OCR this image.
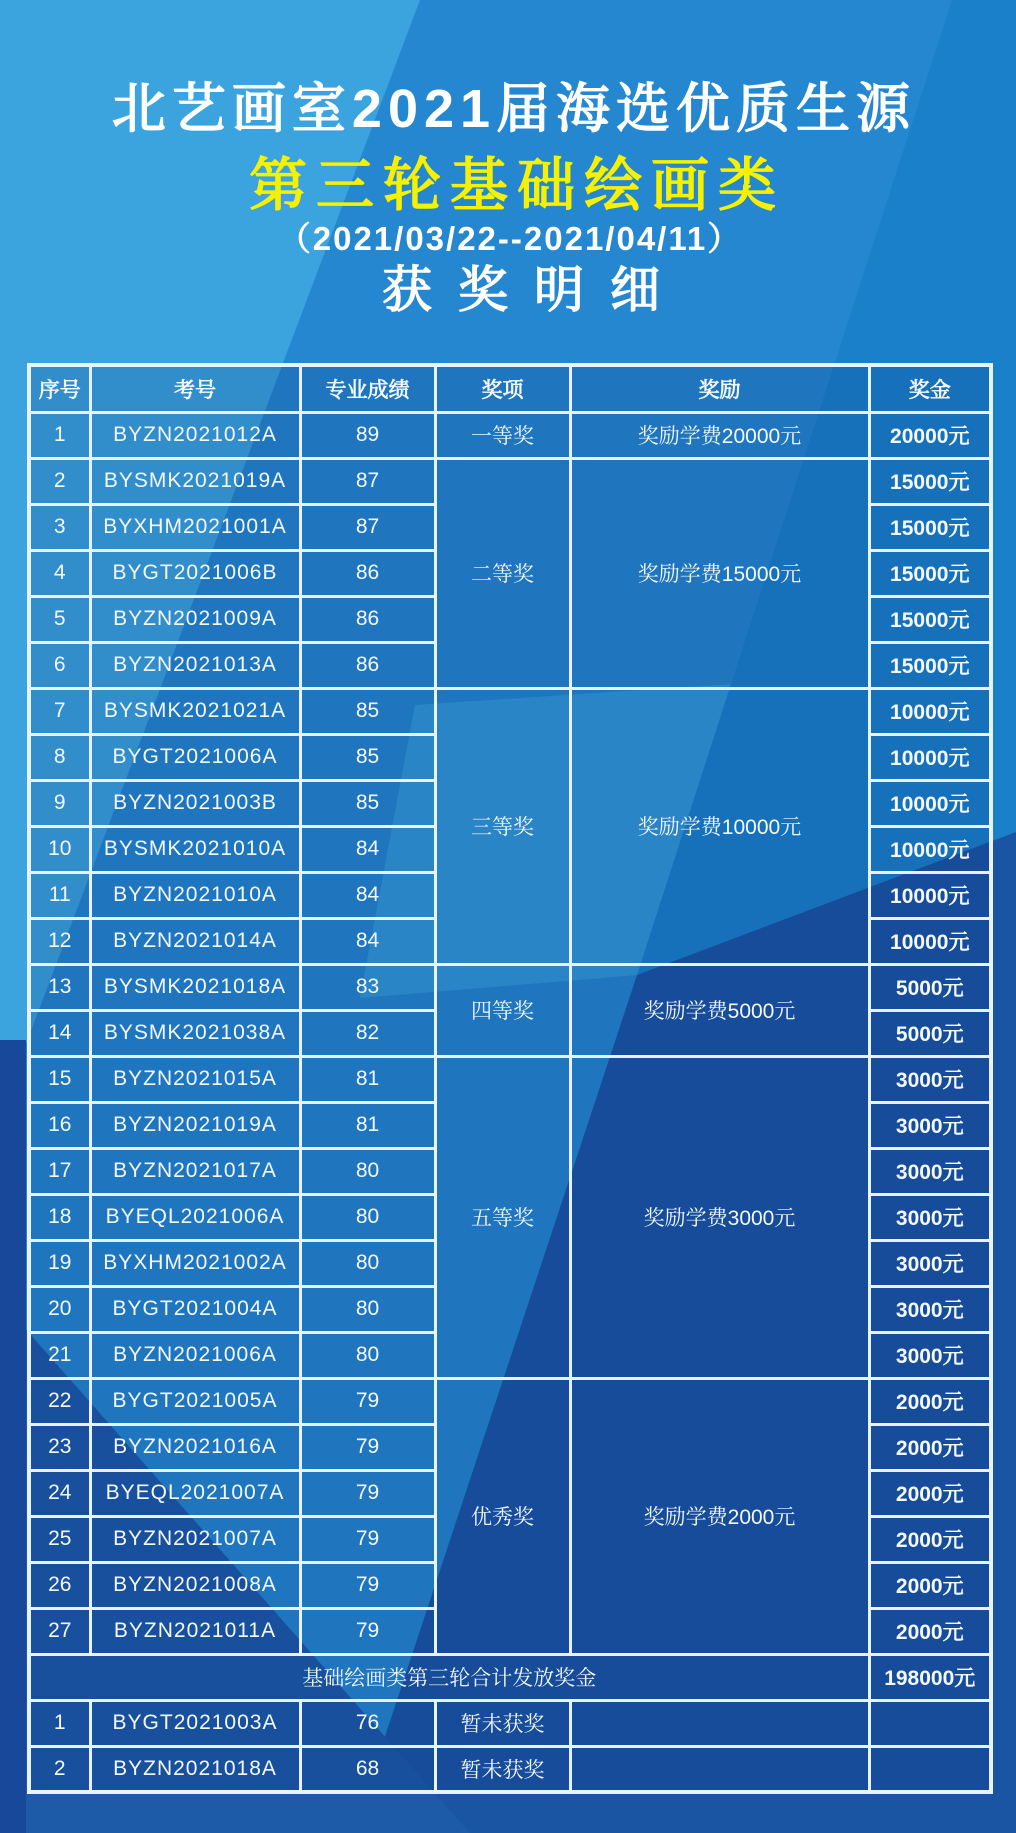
北艺画室2021届海选优质生源
第三轮基础绘画类
（2021/03/22--2021/04/11）
获奖明细
序号	考号	专业成绩	奖项	奖励	奖金
1	BYZN2021012A	89	一等奖	奖励学费20000元	20000元
2	BYSMK2021019A	87	二等奖	奖励学费15000元	15000元
3	BYXHM2021001A	87			15000元
4	BYGT2021006B	86			15000元
5	BYZN2021009A	86			15000元
6	BYZN2021013A	86			15000元
7	BYSMK2021021A	85	三等奖	奖励学费10000元	10000元
8	BYGT2021006A	85			10000元
9	BYZN2021003B	85			10000元
10	BYSMK2021010A	84			10000元
11	BYZN2021010A	84			10000元
12	BYZN2021014A	84			10000元
13	BYSMK2021018A	83	四等奖	奖励学费5000元	5000元
14	BYSMK2021038A	82			5000元
15	BYZN2021015A	81	五等奖	奖励学费3000元	3000元
16	BYZN2021019A	81			3000元
17	BYZN2021017A	80			3000元
18	BYEQL2021006A	80			3000元
19	BYXHM2021002A	80			3000元
20	BYGT2021004A	80			3000元
21	BYZN2021006A	80			3000元
22	BYGT2021005A	79	优秀奖	奖励学费2000元	2000元
23	BYZN2021016A	79			2000元
24	BYEQL2021007A	79			2000元
25	BYZN2021007A	79			2000元
26	BYZN2021008A	79			2000元
27	BYZN2021011A	79			2000元
基础绘画类第三轮合计发放奖金					198000元
1	BYGT2021003A	76	暂未获奖		
2	BYZN2021018A	68	暂未获奖		
